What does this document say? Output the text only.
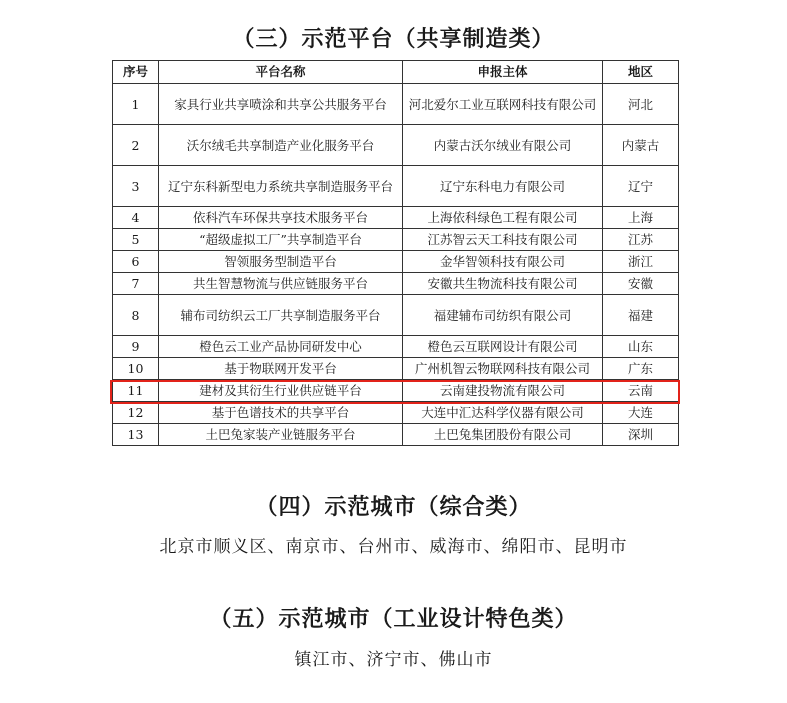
（三）示范平台（共享制造类）
序号	平台名称	申报主体	地区
1	家具行业共享喷涂和共享公共服务平台	河北爱尔工业互联网科技有限公司	河北
2	沃尔绒毛共享制造产业化服务平台	内蒙古沃尔绒业有限公司	内蒙古
3	辽宁东科新型电力系统共享制造服务平台	辽宁东科电力有限公司	辽宁
4	依科汽车环保共享技术服务平台	上海依科绿色工程有限公司	上海
5	“超级虚拟工厂”共享制造平台	江苏智云天工科技有限公司	江苏
6	智领服务型制造平台	金华智领科技有限公司	浙江
7	共生智慧物流与供应链服务平台	安徽共生物流科技有限公司	安徽
8	辅布司纺织云工厂共享制造服务平台	福建辅布司纺织有限公司	福建
9	橙色云工业产品协同研发中心	橙色云互联网设计有限公司	山东
10	基于物联网开发平台	广州机智云物联网科技有限公司	广东
11	建材及其衍生行业供应链平台	云南建投物流有限公司	云南
12	基于色谱技术的共享平台	大连中汇达科学仪器有限公司	大连
13	土巴兔家装产业链服务平台	土巴兔集团股份有限公司	深圳
（四）示范城市（综合类）
北京市顺义区、南京市、台州市、威海市、绵阳市、昆明市
（五）示范城市（工业设计特色类）
镇江市、济宁市、佛山市
